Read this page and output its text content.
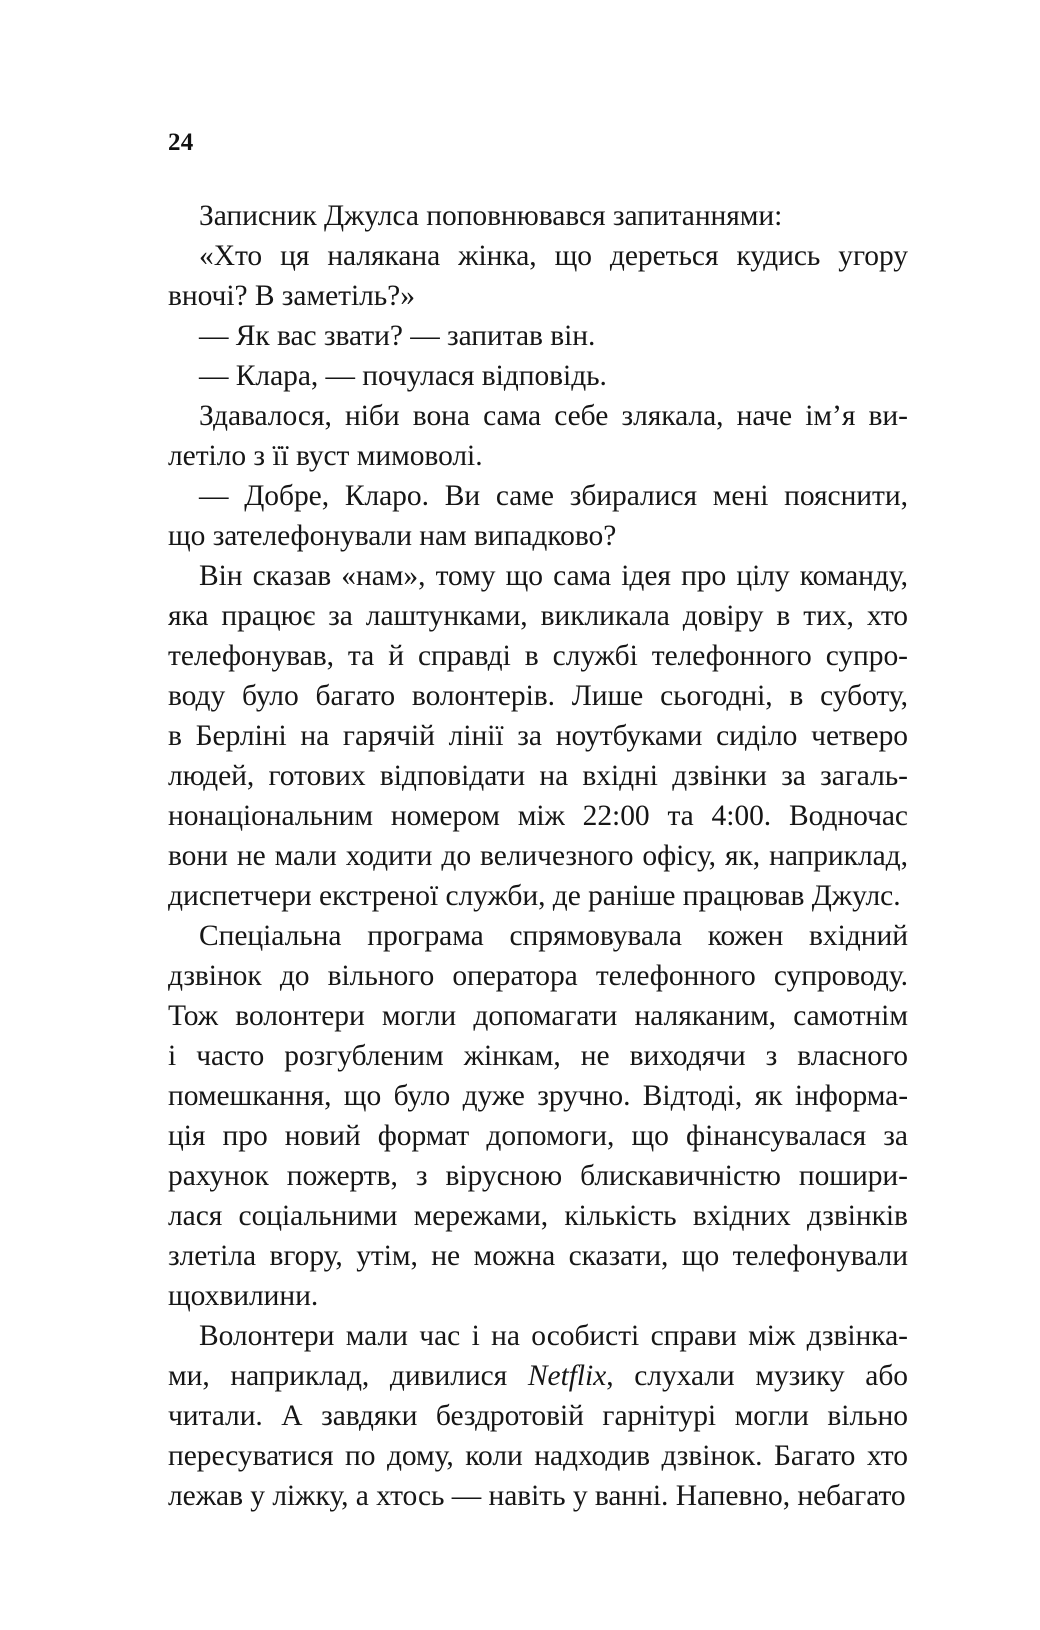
24
Записник Джулса поповнювався запитаннями:
«Хто ця налякана жінка, що дереться кудись угору
вночі? В заметіль?»
— Як вас звати? — запитав він.
— Клара, — почулася відповідь.
Здавалося, ніби вона сама себе злякала, наче ім’я ви-
летіло з її вуст мимоволі.
— Добре, Кларо. Ви саме збиралися мені пояснити,
що зателефонували нам випадково?
Він сказав «нам», тому що сама ідея про цілу команду,
яка працює за лаштунками, викликала довіру в тих, хто
телефонував, та й справді в службі телефонного супро-
воду було багато волонтерів. Лише сьогодні, в суботу,
в Берліні на гарячій лінії за ноутбуками сиділо четверо
людей, готових відповідати на вхідні дзвінки за загаль-
нонаціональним номером між 22:00 та 4:00. Водночас
вони не мали ходити до величезного офісу, як, наприклад,
диспетчери екстреної служби, де раніше працював Джулс.
Спеціальна програма спрямовувала кожен вхідний
дзвінок до вільного оператора телефонного супроводу.
Тож волонтери могли допомагати наляканим, самотнім
і часто розгубленим жінкам, не виходячи з власного
помешкання, що було дуже зручно. Відтоді, як інформа-
ція про новий формат допомоги, що фінансувалася за
рахунок пожертв, з вірусною блискавичністю пошири-
лася соціальними мережами, кількість вхідних дзвінків
злетіла вгору, утім, не можна сказати, що телефонували
щохвилини.
Волонтери мали час і на особисті справи між дзвінка-
ми, наприклад, дивилися Netflix, слухали музику або
читали. А завдяки бездротовій гарнітурі могли вільно
пересуватися по дому, коли надходив дзвінок. Багато хто
лежав у ліжку, а хтось — навіть у ванні. Напевно, небагато
